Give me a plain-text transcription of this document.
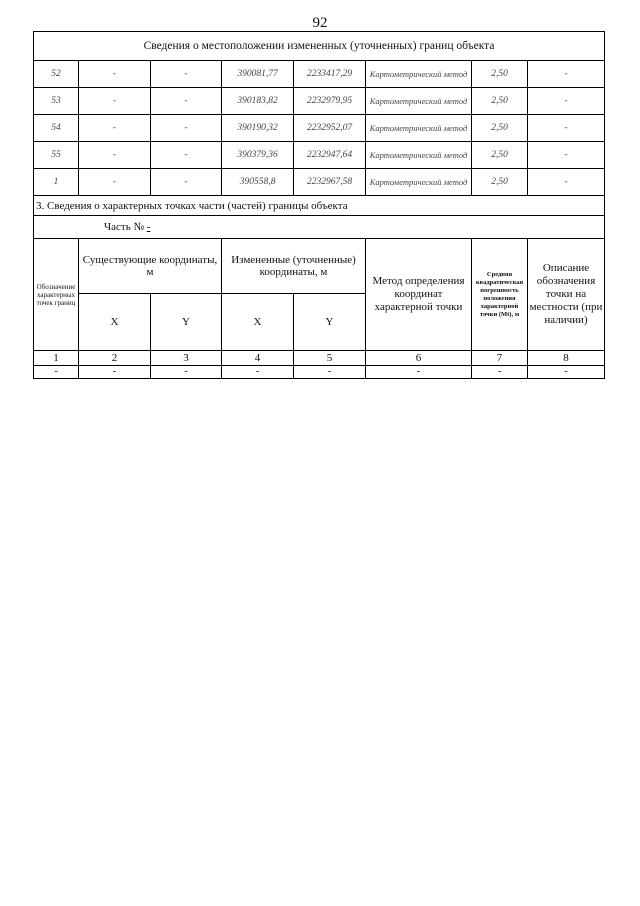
92
Сведения о местоположении измененных (уточненных) границ объекта							
52	-	-	390081,77	2233417,29	Картометрический метод	2,50	-
53	-	-	390183,82	2232979,95	Картометрический метод	2,50	-
54	-	-	390190,32	2232952,07	Картометрический метод	2,50	-
55	-	-	390379,36	2232947,64	Картометрический метод	2,50	-
1	-	-	390558,8	2232967,58	Картометрический метод	2,50	-
3. Сведения о характерных точках части (частей) границы объекта							
Часть № -							
Обозначение характерных точек границ	Существующие координаты, м		Измененные (уточненные) координаты, м		Метод определения координат характерной точки	Средняя квадратическая погрешность положения характерной точки (Mt), м	Описание обозначения точки на местности (при наличии)
	X	Y	X	Y			
1	2	3	4	5	6	7	8
-	-	-	-	-	-	-	-
